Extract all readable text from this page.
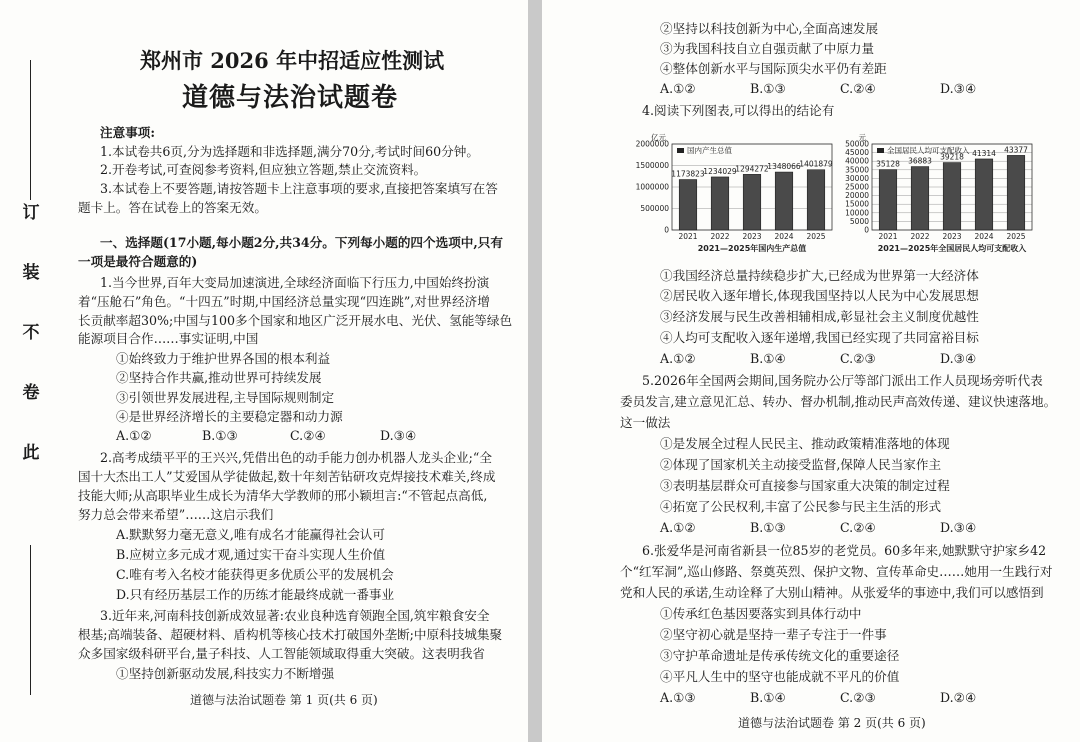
订
装
不
卷
此
郑州市 2026 年中招适应性测试
道德与法治试题卷
注意事项:
1.本试卷共6页,分为选择题和非选择题,满分70分,考试时间60分钟。
2.开卷考试,可查阅参考资料,但应独立答题,禁止交流资料。
3.本试卷上不要答题,请按答题卡上注意事项的要求,直接把答案填写在答
题卡上。答在试卷上的答案无效。
一、选择题(17小题,每小题2分,共34分。下列每小题的四个选项中,只有
一项是最符合题意的)
1.当今世界,百年大变局加速演进,全球经济面临下行压力,中国始终扮演
着“压舱石”角色。“十四五”时期,中国经济总量实现“四连跳”,对世界经济增
长贡献率超30%;中国与100多个国家和地区广泛开展水电、光伏、氢能等绿色
能源项目合作……事实证明,中国
①始终致力于维护世界各国的根本利益
②坚持合作共赢,推动世界可持续发展
③引领世界发展进程,主导国际规则制定
④是世界经济增长的主要稳定器和动力源
A.①②	B.①③	C.②④	D.③④
2.高考成绩平平的王兴兴,凭借出色的动手能力创办机器人龙头企业;“全
国十大杰出工人”艾爱国从学徒做起,数十年刻苦钻研攻克焊接技术难关,终成
技能大师;从高职毕业生成长为清华大学教师的邢小颖坦言:“不管起点高低,
努力总会带来希望”……这启示我们
A.默默努力毫无意义,唯有成名才能赢得社会认可
B.应树立多元成才观,通过实干奋斗实现人生价值
C.唯有考入名校才能获得更多优质公平的发展机会
D.只有经历基层工作的历练才能最终成就一番事业
3.近年来,河南科技创新成效显著:农业良种选育领跑全国,筑牢粮食安全
根基;高端装备、超硬材料、盾构机等核心技术打破国外垄断;中原科技城集聚
众多国家级科研平台,量子科技、人工智能领域取得重大突破。这表明我省
①坚持创新驱动发展,科技实力不断增强
道德与法治试题卷 第 1 页(共 6 页)
②坚持以科技创新为中心,全面高速发展
③为我国科技自立自强贡献了中原力量
④整体创新水平与国际顶尖水平仍有差距
A.①②	B.①③	C.②④	D.③④
4.阅读下列图表,可以得出的结论有
亿元
0
500000
1000000
1500000
2000000
国内产生总值
1173823
2021
1234029
2022
1294272
2023
1348066
2024
1401879
2025
2021—2025年国内生产总值
元
0
5000
10000
15000
20000
25000
30000
35000
40000
45000
50000
全国居民人均可支配收入
35128
2021
36883
2022
39218
2023
41314
2024
43377
2025
2021—2025年全国居民人均可支配收入
①我国经济总量持续稳步扩大,已经成为世界第一大经济体
②居民收入逐年增长,体现我国坚持以人民为中心发展思想
③经济发展与民生改善相辅相成,彰显社会主义制度优越性
④人均可支配收入逐年递增,我国已经实现了共同富裕目标
A.①②	B.①④	C.②③	D.③④
5.2026年全国两会期间,国务院办公厅等部门派出工作人员现场旁听代表
委员发言,建立意见汇总、转办、督办机制,推动民声高效传递、建议快速落地。
这一做法
①是发展全过程人民民主、推动政策精准落地的体现
②体现了国家机关主动接受监督,保障人民当家作主
③表明基层群众可直接参与国家重大决策的制定过程
④拓宽了公民权利,丰富了公民参与民主生活的形式
A.①②	B.①③	C.②④	D.③④
6.张爱华是河南省新县一位85岁的老党员。60多年来,她默默守护家乡42
个“红军洞”,巡山修路、祭奠英烈、保护文物、宣传革命史……她用一生践行对
党和人民的承诺,生动诠释了大别山精神。从张爱华的事迹中,我们可以感悟到
①传承红色基因要落实到具体行动中
②坚守初心就是坚持一辈子专注于一件事
③守护革命遗址是传承传统文化的重要途径
④平凡人生中的坚守也能成就不平凡的价值
A.①③	B.①④	C.②③	D.②④
道德与法治试题卷 第 2 页(共 6 页)
